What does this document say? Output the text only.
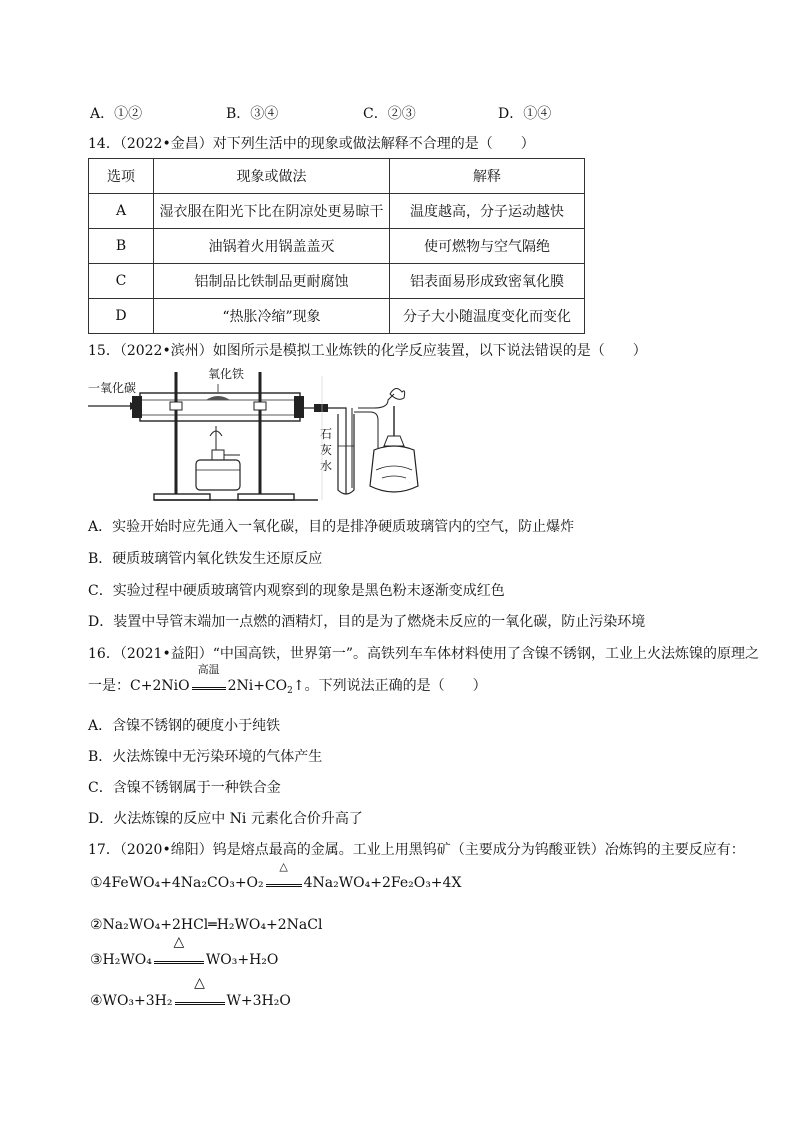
A．①②	B．③④	C．②③	D．①④
14．（2022•金昌）对下列生活中的现象或做法解释不合理的是（　　）
选项	现象或做法	解释
A	湿衣服在阳光下比在阴凉处更易晾干	温度越高，分子运动越快
B	油锅着火用锅盖盖灭	使可燃物与空气隔绝
C	铝制品比铁制品更耐腐蚀	铝表面易形成致密氧化膜
D	“热胀冷缩”现象	分子大小随温度变化而变化
15．（2022•滨州）如图所示是模拟工业炼铁的化学反应装置，以下说法错误的是（　　）
氧化铁
一氧化碳
石
灰
水
A．实验开始时应先通入一氧化碳，目的是排净硬质玻璃管内的空气，防止爆炸
B．硬质玻璃管内氧化铁发生还原反应
C．实验过程中硬质玻璃管内观察到的现象是黑色粉末逐渐变成红色
D．装置中导管末端加一点燃的酒精灯，目的是为了燃烧未反应的一氧化碳，防止污染环境
16．（2021•益阳）“中国高铁，世界第一”。高铁列车车体材料使用了含镍不锈钢，工业上火法炼镍的原理之
一是：C+2NiO
高温
$2Ni+CO_2↑$。下列说法正确的是（　　）
A．含镍不锈钢的硬度小于纯铁
B．火法炼镍中无污染环境的气体产生
C．含镍不锈钢属于一种铁合金
D．火法炼镍的反应中 Ni 元素化合价升高了
17．（2020•绵阳）钨是熔点最高的金属。工业上用黑钨矿（主要成分为钨酸亚铁）冶炼钨的主要反应有：
①4FeWO₄+4Na₂CO₃+O₂
△
4Na₂WO₄+2Fe₂O₃+4X
②Na₂WO₄+2HCl═H₂WO₄+2NaCl
③H₂WO₄
△
WO₃+H₂O
④WO₃+3H₂
△
W+3H₂O
